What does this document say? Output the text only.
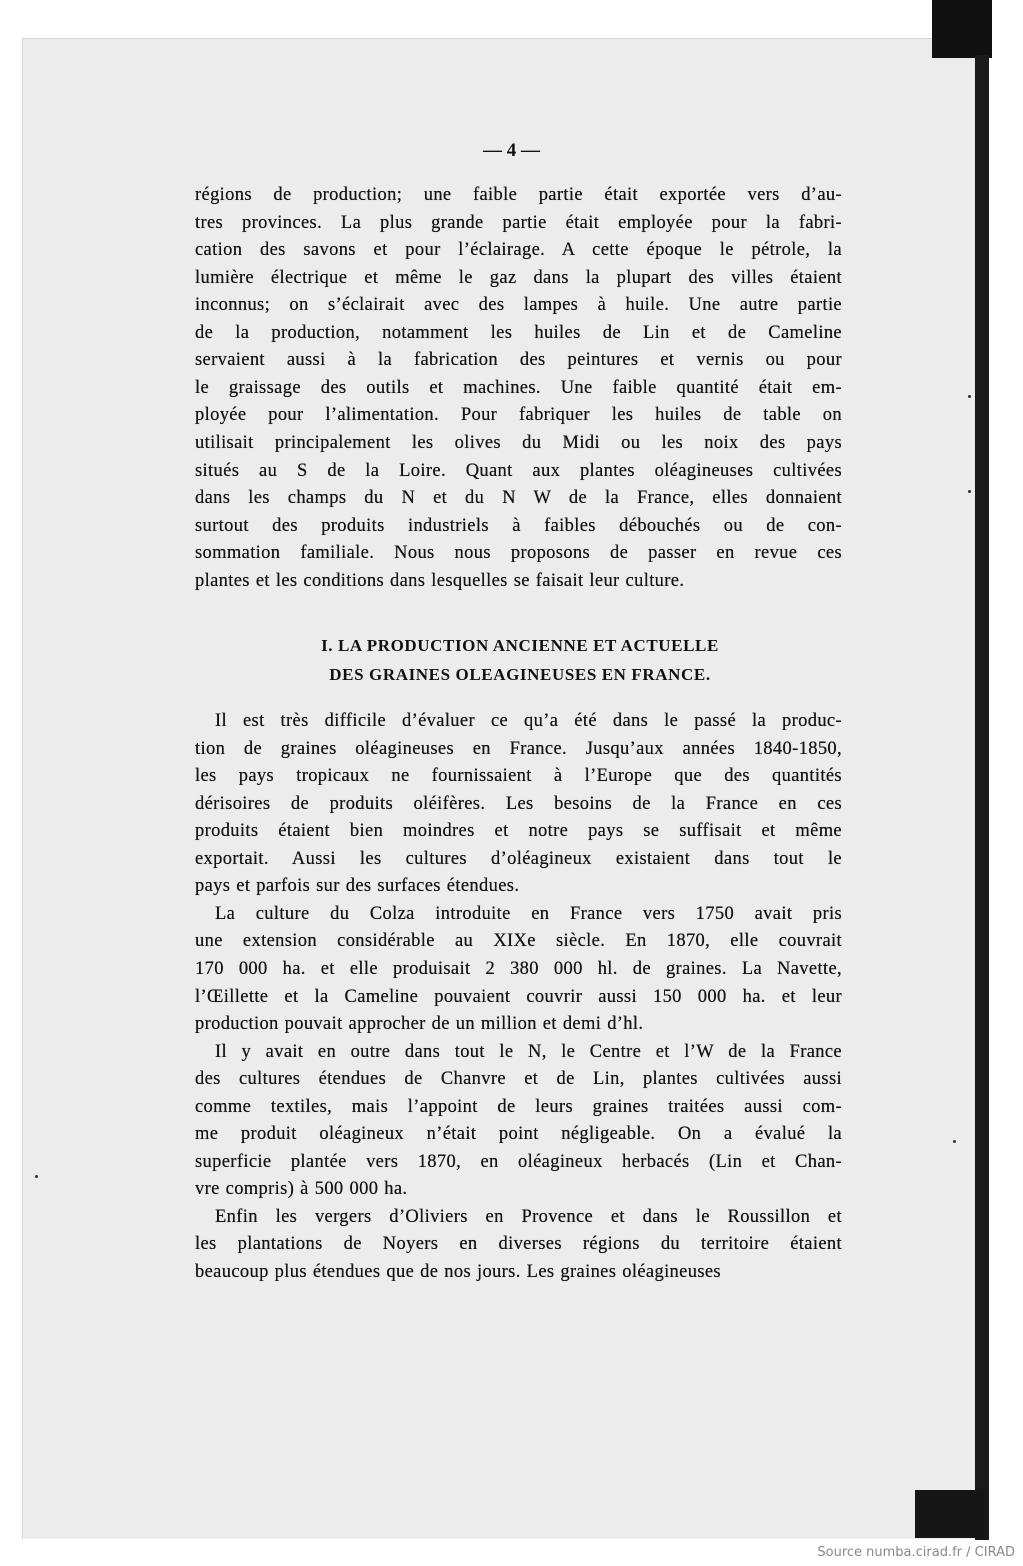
— 4 —
régions de production; une faible partie était exportée vers d’au-
tres provinces. La plus grande partie était employée pour la fabri-
cation des savons et pour l’éclairage. A cette époque le pétrole, la
lumière électrique et même le gaz dans la plupart des villes étaient
inconnus; on s’éclairait avec des lampes à huile. Une autre partie
de la production, notamment les huiles de Lin et de Cameline
servaient aussi à la fabrication des peintures et vernis ou pour
le graissage des outils et machines. Une faible quantité était em-
ployée pour l’alimentation. Pour fabriquer les huiles de table on
utilisait principalement les olives du Midi ou les noix des pays
situés au S de la Loire. Quant aux plantes oléagineuses cultivées
dans les champs du N et du N W de la France, elles donnaient
surtout des produits industriels à faibles débouchés ou de con-
sommation familiale. Nous nous proposons de passer en revue ces
plantes et les conditions dans lesquelles se faisait leur culture.
I. LA PRODUCTION ANCIENNE ET ACTUELLE
DES GRAINES OLEAGINEUSES EN FRANCE.
Il est très difficile d’évaluer ce qu’a été dans le passé la produc-
tion de graines oléagineuses en France. Jusqu’aux années 1840-1850,
les pays tropicaux ne fournissaient à l’Europe que des quantités
dérisoires de produits oléifères. Les besoins de la France en ces
produits étaient bien moindres et notre pays se suffisait et même
exportait. Aussi les cultures d’oléagineux existaient dans tout le
pays et parfois sur des surfaces étendues.
La culture du Colza introduite en France vers 1750 avait pris
une extension considérable au XIXe siècle. En 1870, elle couvrait
170 000 ha. et elle produisait 2 380 000 hl. de graines. La Navette,
l’Œillette et la Cameline pouvaient couvrir aussi 150 000 ha. et leur
production pouvait approcher de un million et demi d’hl.
Il y avait en outre dans tout le N, le Centre et l’W de la France
des cultures étendues de Chanvre et de Lin, plantes cultivées aussi
comme textiles, mais l’appoint de leurs graines traitées aussi com-
me produit oléagineux n’était point négligeable. On a évalué la
superficie plantée vers 1870, en oléagineux herbacés (Lin et Chan-
vre compris) à 500 000 ha.
Enfin les vergers d’Oliviers en Provence et dans le Roussillon et
les plantations de Noyers en diverses régions du territoire étaient
beaucoup plus étendues que de nos jours. Les graines oléagineuses
Source numba.cirad.fr / CIRAD
